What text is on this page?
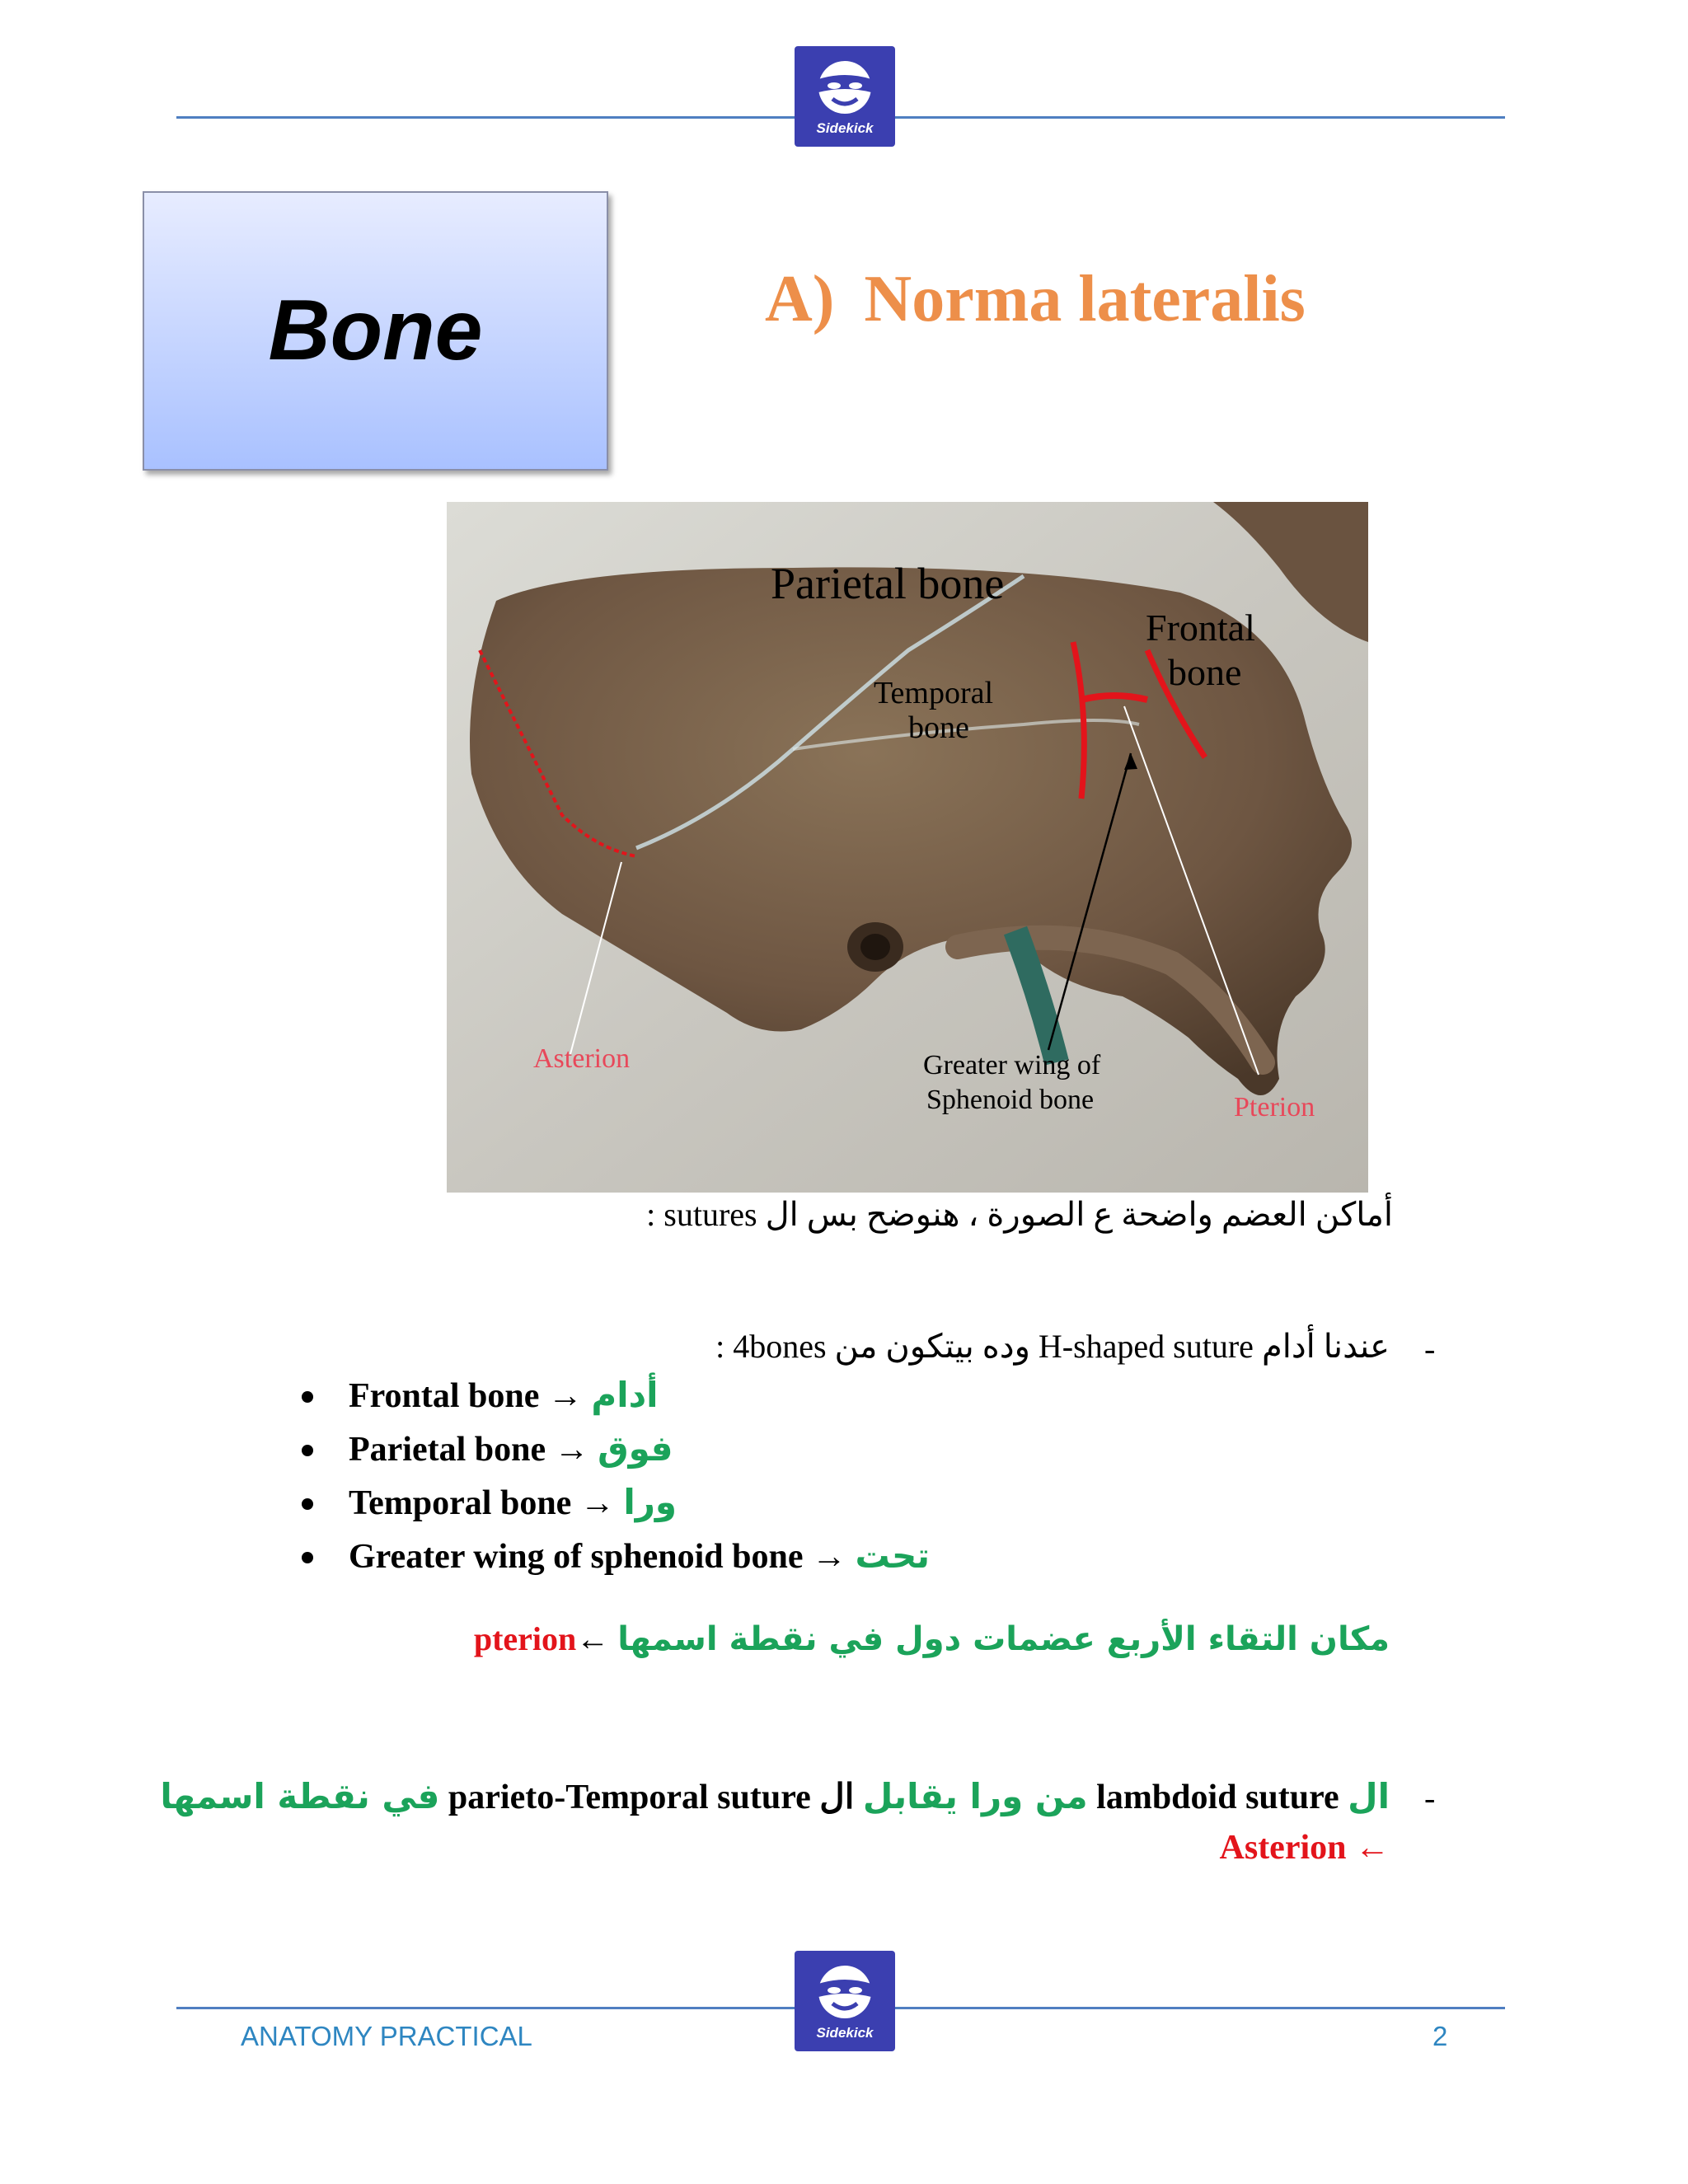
Sidekick
Bone	A) Norma lateralis
Parietal bone
Frontal
bone
Temporal
bone
Asterion	Greater wing of
Sphenoid bone	Pterion
أماكن العضم واضحة ع الصورة ، هنوضح بس ال sutures :
-
عندنا أدام H-shaped suture وده بيتكون من 4bones :
Frontal bone → أدام
Parietal bone → فوق
Temporal bone → ورا
Greater wing of sphenoid bone → تحت
مكان التقاء الأربع عضمات دول في نقطة اسمها ←pterion
-
ال lambdoid suture من ورا يقابل ال parieto-Temporal suture في نقطة اسمها
← Asterion
Sidekick
ANATOMY PRACTICAL	2
